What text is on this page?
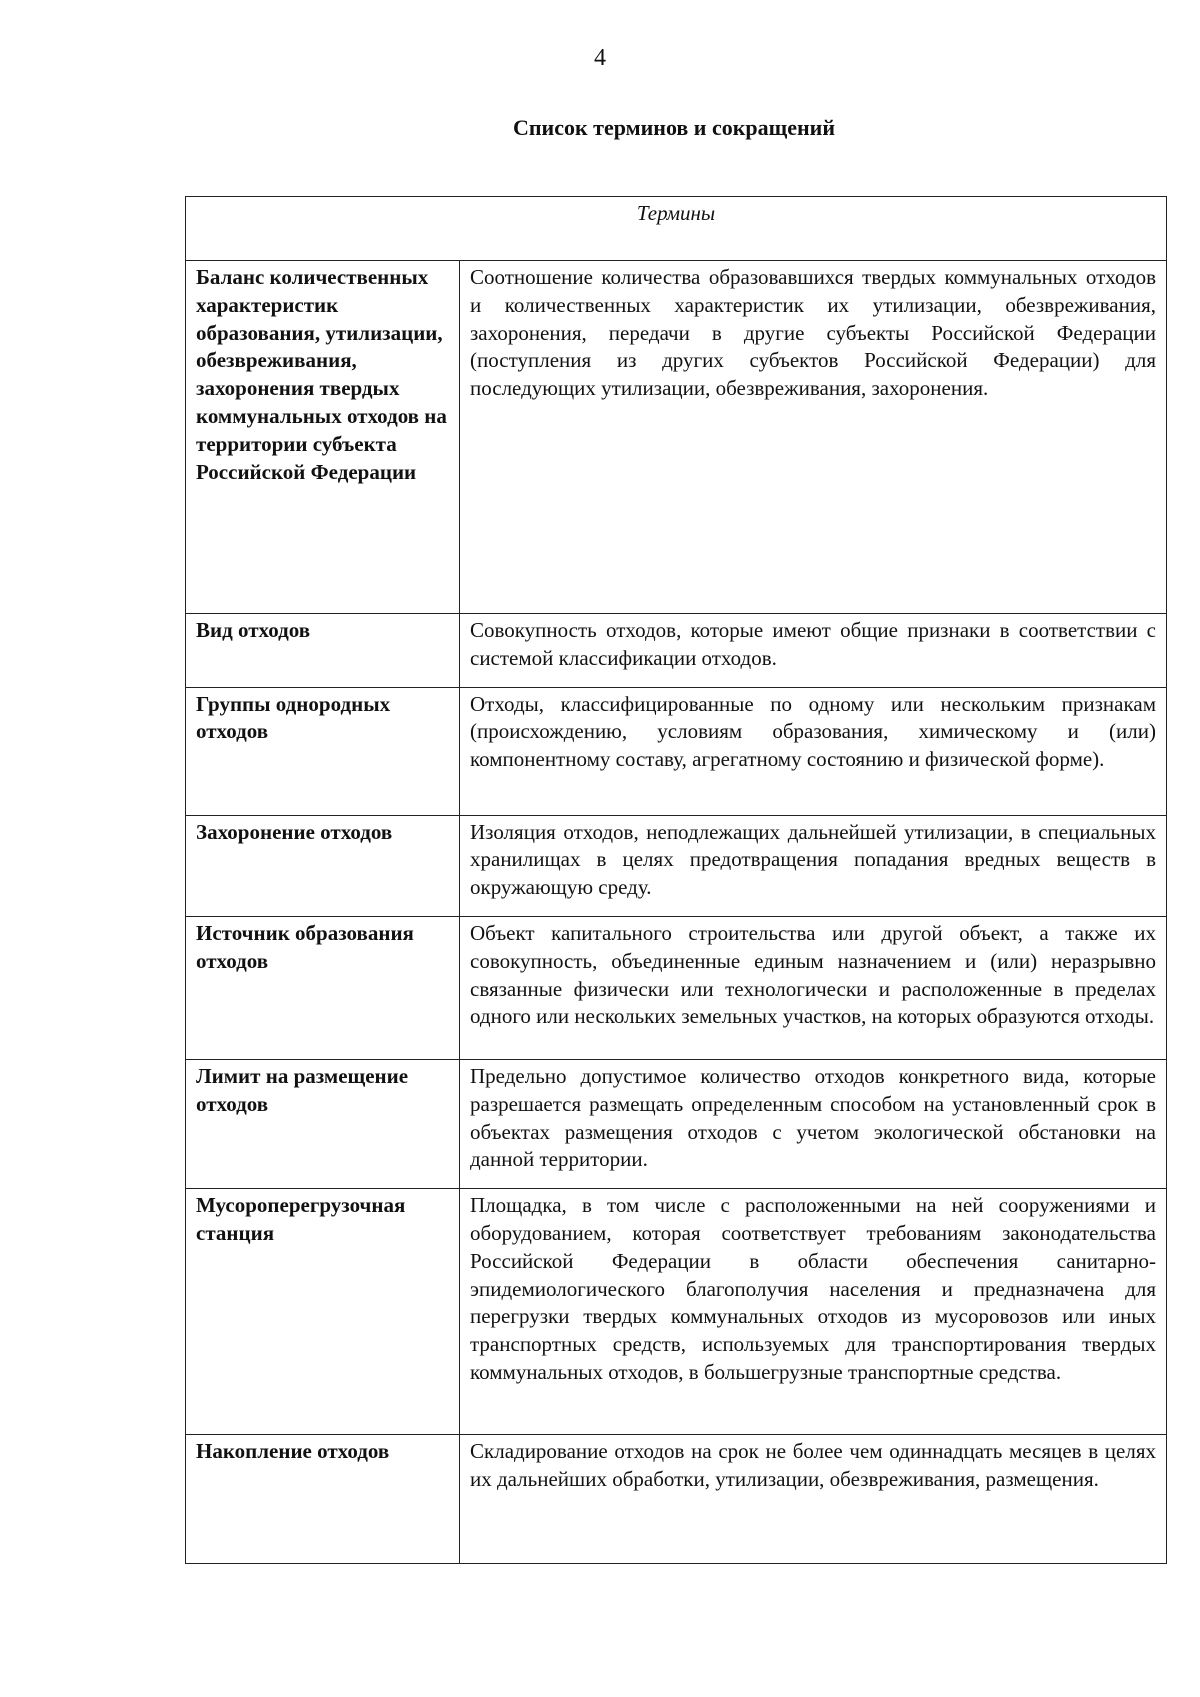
4
Список терминов и сокращений
Термины	
Баланс количественных характеристик образования, утилизации, обезвреживания, захоронения твердых коммунальных отходов на территории субъекта Российской Федерации	Соотношение количества образовавшихся твердых коммунальных отходов и количественных характеристик их утилизации, обезвреживания, захоронения, передачи в другие субъекты Российской Федерации (поступления из других субъектов Российской Федерации) для последующих утилизации, обезвреживания, захоронения.
Вид отходов	Совокупность отходов, которые имеют общие признаки в соответствии с системой классификации отходов.
Группы однородных отходов	Отходы, классифицированные по одному или нескольким признакам (происхождению, условиям образования, химическому и (или) компонентному составу, агрегатному состоянию и физической форме).
Захоронение отходов	Изоляция отходов, неподлежащих дальнейшей утилизации, в специальных хранилищах в целях предотвращения попадания вредных веществ в окружающую среду.
Источник образования отходов	Объект капитального строительства или другой объект, а также их совокупность, объединенные единым назначением и (или) неразрывно связанные физически или технологически и расположенные в пределах одного или нескольких земельных участков, на которых образуются отходы.
Лимит на размещение отходов	Предельно допустимое количество отходов конкретного вида, которые разрешается размещать определенным способом на установленный срок в объектах размещения отходов с учетом экологической обстановки на данной территории.
Мусороперегрузочная станция	Площадка, в том числе с расположенными на ней сооружениями и оборудованием, которая соответствует требованиям законодательства Российской Федерации в области обеспечения санитарно-эпидемиологического благополучия населения и предназначена для перегрузки твердых коммунальных отходов из мусоровозов или иных транспортных средств, используемых для транспортирования твердых коммунальных отходов, в большегрузные транспортные средства.
Накопление отходов	Складирование отходов на срок не более чем одиннадцать месяцев в целях их дальнейших обработки, утилизации, обезвреживания, размещения.
